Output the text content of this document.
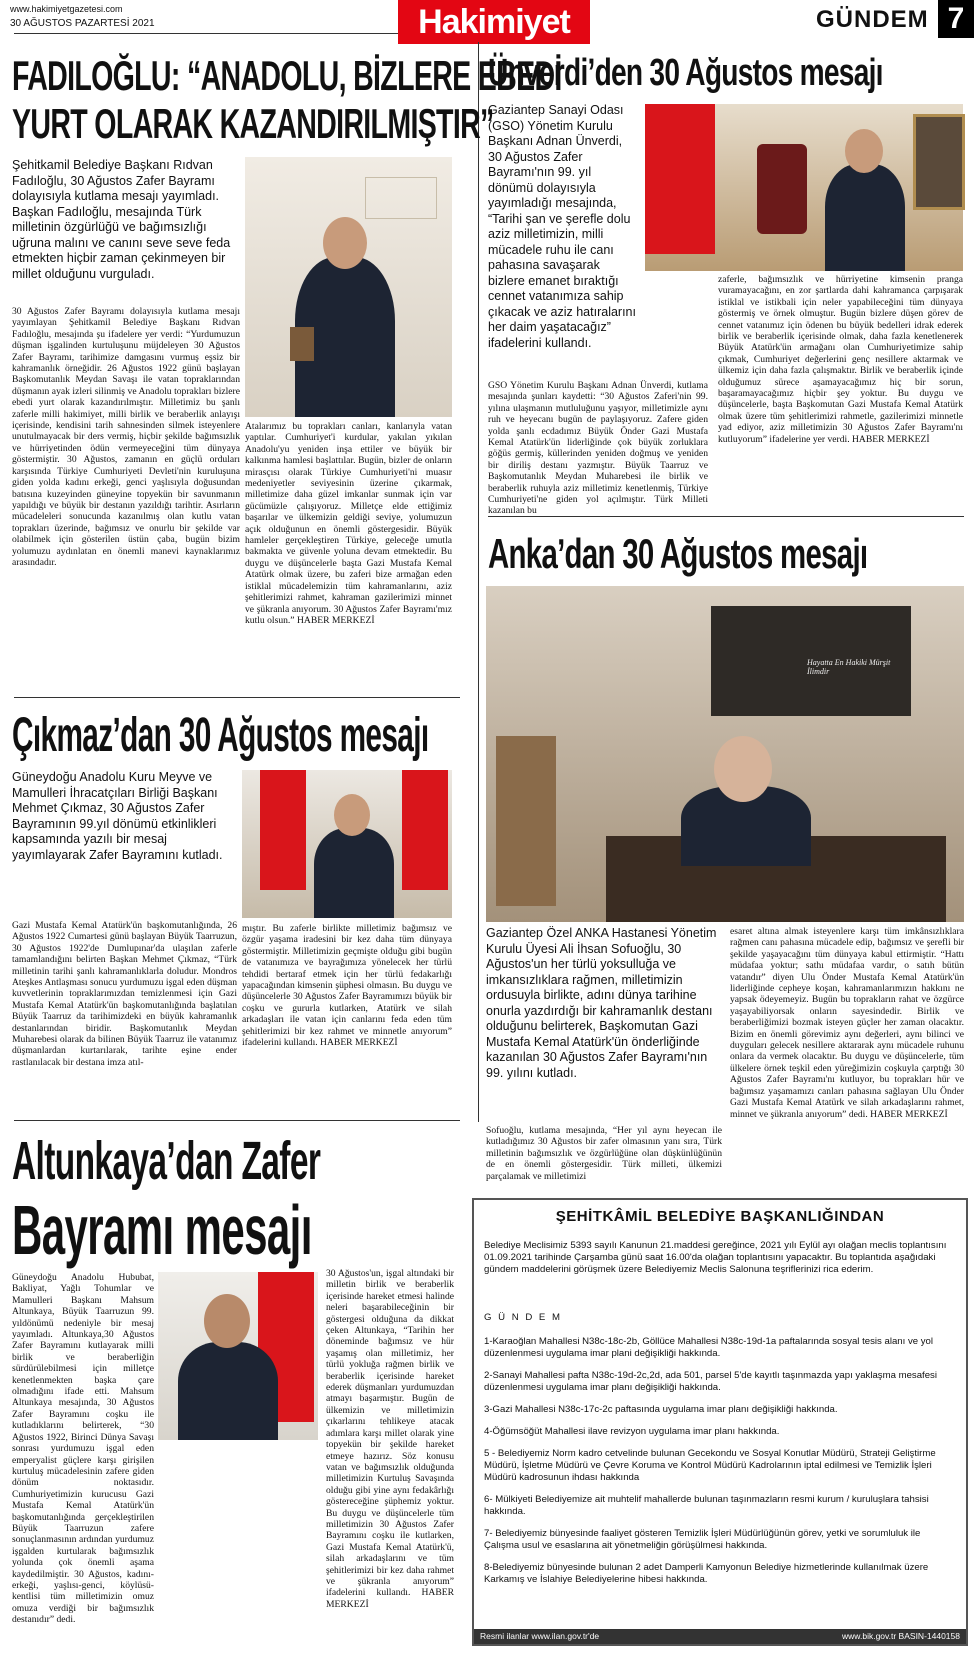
www.hakimiyetgazetesi.com
30 AĞUSTOS PAZARTESİ 2021	Hakimiyet	GÜNDEM 7
FADILOĞLU: “ANADOLU, BİZLERE EBEDİ
YURT OLARAK KAZANDIRILMIŞTIR”
Şehitkamil Belediye Başkanı Rıdvan Fadıloğlu, 30 Ağustos Zafer Bayramı dolayısıyla kutlama mesajı yayımladı. Başkan Fadıloğlu, mesajında Türk milletinin özgürlüğü ve bağımsızlığı uğruna malını ve canını seve seve feda etmekten hiçbir zaman çekinmeyen bir millet olduğunu vurguladı.
30 Ağustos Zafer Bayramı dolayısıyla kutlama mesajı yayımlayan Şehitkamil Belediye Başkanı Rıdvan Fadıloğlu, mesajında şu ifadelere yer verdi: “Yurdumuzun düşman işgalinden kurtuluşunu müjdeleyen 30 Ağustos Zafer Bayramı, tarihimize damgasını vurmuş eşsiz bir kahramanlık örneğidir. 26 Ağustos 1922 günü başlayan Başkomutanlık Meydan Savaşı ile vatan topraklarından düşmanın ayak izleri silinmiş ve Anadolu toprakları bizlere ebedi yurt olarak kazandırılmıştır. Milletimiz bu şanlı zaferle milli hakimiyet, milli birlik ve beraberlik anlayışı içerisinde, kendisini tarih sahnesinden silmek isteyenlere unutulmayacak bir ders vermiş, hiçbir şekilde bağımsızlık ve hürriyetinden ödün vermeyeceğini tüm dünyaya göstermiştir. 30 Ağustos, zamanın en güçlü orduları karşısında Türkiye Cumhuriyeti Devleti'nin kuruluşuna giden yolda kadını erkeği, genci yaşlısıyla doğusundan batısına kuzeyinden güneyine topyekün bir savunmanın yapıldığı ve büyük bir destanın yazıldığı tarihtir. Asırların mücadeleleri sonucunda kazanılmış olan kutlu vatan toprakları üzerinde, bağımsız ve onurlu bir şekilde var olabilmek için gösterilen üstün çaba, bugün bizim yolumuzu aydınlatan en önemli manevi kaynaklarımız arasındadır.
Atalarımız bu toprakları canları, kanlarıyla vatan yaptılar. Cumhuriyet'i kurdular, yakılan yıkılan Anadolu'yu yeniden inşa ettiler ve büyük bir kalkınma hamlesi başlattılar. Bugün, bizler de onların mirasçısı olarak Türkiye Cumhuriyeti'ni muasır medeniyetler seviyesinin üzerine çıkarmak, milletimize daha güzel imkanlar sunmak için var gücümüzle çalışıyoruz. Milletçe elde ettiğimiz başarılar ve ülkemizin geldiği seviye, yolumuzun açık olduğunun en önemli göstergesidir. Büyük hamleler gerçekleştiren Türkiye, geleceğe umutla bakmakta ve güvenle yoluna devam etmektedir. Bu duygu ve düşüncelerle başta Gazi Mustafa Kemal Atatürk olmak üzere, bu zaferi bize armağan eden istiklal mücadelemizin tüm kahramanlarını, aziz şehitlerimizi rahmet, kahraman gazilerimizi minnet ve şükranla anıyorum. 30 Ağustos Zafer Bayramı'mız kutlu olsun.” HABER MERKEZİ
Ünverdi’den 30 Ağustos mesajı
Gaziantep Sanayi Odası (GSO) Yönetim Kurulu Başkanı Adnan Ünverdi, 30 Ağustos Zafer Bayramı'nın 99. yıl dönümü dolayısıyla yayımladığı mesajında, “Tarihi şan ve şerefle dolu aziz milletimizin, milli mücadele ruhu ile canı pahasına savaşarak bizlere emanet bıraktığı cennet vatanımıza sahip çıkacak ve aziz hatıralarını her daim yaşatacağız” ifadelerini kullandı.
GSO Yönetim Kurulu Başkanı Adnan Ünverdi, kutlama mesajında şunları kaydetti: “30 Ağustos Zaferi'nin 99. yılına ulaşmanın mutluluğunu yaşıyor, milletimizle aynı ruh ve heyecanı bugün de paylaşıyoruz. Zafere giden yolda şanlı ecdadımız Büyük Önder Gazi Mustafa Kemal Atatürk'ün liderliğinde çok büyük zorluklara göğüs germiş, küllerinden yeniden doğmuş ve yeniden bir diriliş destanı yazmıştır. Büyük Taarruz ve Başkomutanlık Meydan Muharebesi ile birlik ve beraberlik ruhuyla aziz milletimiz kenetlenmiş, Türkiye Cumhuriyeti'ne giden yol açılmıştır. Türk Milleti kazanılan bu
zaferle, bağımsızlık ve hürriyetine kimsenin pranga vuramayacağını, en zor şartlarda dahi kahramanca çarpışarak istiklal ve istikbali için neler yapabileceğini tüm dünyaya göstermiş ve örnek olmuştur. Bugün bizlere düşen görev de cennet vatanımız için ödenen bu büyük bedelleri idrak ederek birlik ve beraberlik içerisinde olmak, daha fazla kenetlenerek Büyük Atatürk'ün armağanı olan Cumhuriyetimize sahip çıkmak, Cumhuriyet değerlerini genç nesillere aktarmak ve ülkemiz için daha fazla çalışmaktır. Birlik ve beraberlik içinde olduğumuz sürece aşamayacağımız hiç bir sorun, başaramayacağımız hiçbir şey yoktur. Bu duygu ve düşüncelerle, başta Başkomutan Gazi Mustafa Kemal Atatürk olmak üzere tüm şehitlerimizi rahmetle, gazilerimizi minnetle yad ediyor, aziz milletimizin 30 Ağustos Zafer Bayramı'nı kutluyorum” ifadelerine yer verdi. HABER MERKEZİ
Çıkmaz’dan 30 Ağustos mesajı
Güneydoğu Anadolu Kuru Meyve ve Mamulleri İhracatçıları Birliği Başkanı Mehmet Çıkmaz, 30 Ağustos Zafer Bayramının 99.yıl dönümü etkinlikleri kapsamında yazılı bir mesaj yayımlayarak Zafer Bayramını kutladı.
Gazi Mustafa Kemal Atatürk'ün başkomutanlığında, 26 Ağustos 1922 Cumartesi günü başlayan Büyük Taarruzun, 30 Ağustos 1922'de Dumlupınar'da ulaşılan zaferle tamamlandığını belirten Başkan Mehmet Çıkmaz, “Türk milletinin tarihi şanlı kahramanlıklarla doludur. Mondros Ateşkes Antlaşması sonucu yurdumuzu işgal eden düşman kuvvetlerinin topraklarımızdan temizlenmesi için Gazi Mustafa Kemal Atatürk'ün başkomutanlığında başlatılan Büyük Taarruz da tarihimizdeki en büyük kahramanlık destanlarından biridir. Başkomutanlık Meydan Muharebesi olarak da bilinen Büyük Taarruz ile vatanımız düşmanlardan kurtarılarak, tarihte eşine ender rastlanılacak bir destana imza atıl-
mıştır. Bu zaferle birlikte milletimiz bağımsız ve özgür yaşama iradesini bir kez daha tüm dünyaya göstermiştir. Milletimizin geçmişte olduğu gibi bugün de vatanımıza ve bayrağımıza yönelecek her türlü tehdidi bertaraf etmek için her türlü fedakarlığı yapacağından kimsenin şüphesi olmasın. Bu duygu ve düşüncelerle 30 Ağustos Zafer Bayramımızı büyük bir coşku ve gururla kutlarken, Atatürk ve silah arkadaşları ile vatan için canlarını feda eden tüm şehitlerimizi bir kez rahmet ve minnetle anıyorum” ifadelerini kullandı. HABER MERKEZİ
Anka’dan 30 Ağustos mesajı
Hayatta En Hakiki Mürşit İlimdir
Gaziantep Özel ANKA Hastanesi Yönetim Kurulu Üyesi Ali İhsan Sofuoğlu, 30 Ağustos'un her türlü yoksulluğa ve imkansızlıklara rağmen, milletimizin ordusuyla birlikte, adını dünya tarihine onurla yazdırdığı bir kahramanlık destanı olduğunu belirterek, Başkomutan Gazi Mustafa Kemal Atatürk'ün önderliğinde kazanılan 30 Ağustos Zafer Bayramı'nın 99. yılını kutladı.
Sofuoğlu, kutlama mesajında, “Her yıl aynı heyecan ile kutladığımız 30 Ağustos bir zafer olmasının yanı sıra, Türk milletinin bağımsızlık ve özgürlüğüne olan düşkünlüğünün de en önemli göstergesidir. Türk milleti, ülkemizi parçalamak ve milletimizi
esaret altına almak isteyenlere karşı tüm imkânsızlıklara rağmen canı pahasına mücadele edip, bağımsız ve şerefli bir şekilde yaşayacağını tüm dünyaya kabul ettirmiştir. “Hattı müdafaa yoktur; sathı müdafaa vardır, o satıh bütün vatandır” diyen Ulu Önder Mustafa Kemal Atatürk'ün liderliğinde cepheye koşan, kahramanlarımızın hakkını ne yapsak ödeyemeyiz. Bugün bu toprakların rahat ve özgürce yaşayabiliyorsak onların sayesindedir. Birlik ve beraberliğimizi bozmak isteyen güçler her zaman olacaktır. Bizim en önemli görevimiz aynı değerleri, aynı bilinci ve duyguları gelecek nesillere aktararak aynı mücadele ruhunu onlara da vermek olacaktır. Bu duygu ve düşüncelerle, tüm ülkelere örnek teşkil eden yüreğimizin coşkuyla çarptığı 30 Ağustos Zafer Bayramı'nı kutluyor, bu toprakları hür ve bağımsız yaşamamızı canları pahasına sağlayan Ulu Önder Gazi Mustafa Kemal Atatürk ve silah arkadaşlarını rahmet, minnet ve şükranla anıyorum” dedi. HABER MERKEZİ
Altunkaya’dan Zafer
Bayramı mesajı
Güneydoğu Anadolu Hububat, Bakliyat, Yağlı Tohumlar ve Mamulleri Başkanı Mahsum Altunkaya, Büyük Taarruzun 99. yıldönümü nedeniyle bir mesaj yayımladı. Altunkaya,30 Ağustos Zafer Bayramını kutlayarak milli birlik ve beraberliğin sürdürülebilmesi için milletçe kenetlenmekten başka çare olmadığını ifade etti. Mahsum Altunkaya mesajında, 30 Ağustos Zafer Bayramını coşku ile kutladıklarını belirterek, “30 Ağustos 1922, Birinci Dünya Savaşı sonrası yurdumuzu işgal eden emperyalist güçlere karşı girişilen kurtuluş mücadelesinin zafere giden dönüm noktasıdır. Cumhuriyetimizin kurucusu Gazi Mustafa Kemal Atatürk'ün başkomutanlığında gerçekleştirilen Büyük Taarruzun zafere sonuçlanmasının ardından yurdumuz işgalden kurtularak bağımsızlık yolunda çok önemli aşama kaydedilmiştir. 30 Ağustos, kadını-erkeği, yaşlısı-genci, köylüsü-kentlisi tüm milletimizin omuz omuza verdiği bir bağımsızlık destanıdır” dedi.
30 Ağustos'un, işgal altındaki bir milletin birlik ve beraberlik içerisinde hareket etmesi halinde neleri başarabileceğinin bir göstergesi olduğuna da dikkat çeken Altunkaya, “Tarihin her döneminde bağımsız ve hür yaşamış olan milletimiz, her türlü yokluğa rağmen birlik ve beraberlik içerisinde hareket ederek düşmanları yurdumuzdan atmayı başarmıştır. Bugün de ülkemizin ve milletimizin çıkarlarını tehlikeye atacak adımlara karşı millet olarak yine topyekün bir şekilde hareket etmeye hazırız. Söz konusu vatan ve bağımsızlık olduğunda milletimizin Kurtuluş Savaşında olduğu gibi yine aynı fedakârlığı göstereceğine şüphemiz yoktur. Bu duygu ve düşüncelerle tüm milletimizin 30 Ağustos Zafer Bayramını coşku ile kutlarken, Gazi Mustafa Kemal Atatürk'ü, silah arkadaşlarını ve tüm şehitlerimizi bir kez daha rahmet ve şükranla anıyorum” ifadelerini kullandı. HABER MERKEZİ
ŞEHİTKÂMİL BELEDİYE BAŞKANLIĞINDAN
Belediye Meclisimiz 5393 sayılı Kanunun 21.maddesi gereğince, 2021 yılı Eylül ayı olağan meclis toplantısını 01.09.2021 tarihinde Çarşamba günü saat 16.00'da olağan toplantısını yapacaktır. Bu toplantıda aşağıdaki gündem maddelerini görüşmek üzere Belediyemiz Meclis Salonuna teşriflerinizi rica ederim.
G Ü N D E M
1-Karaoğlan Mahallesi N38c-18c-2b, Göllüce Mahallesi N38c-19d-1a paftalarında sosyal tesis alanı ve yol düzenlenmesi uygulama imar plani değişikliği hakkında.
2-Sanayi Mahallesi pafta N38c-19d-2c,2d, ada 501, parsel 5'de kayıtlı taşınmazda yapı yaklaşma mesafesi düzenlenmesi uygulama imar planı değişikliği hakkında.
3-Gazi Mahallesi N38c-17c-2c paftasında uygulama imar planı değişikliği hakkında.
4-Öğümsöğüt Mahallesi ilave revizyon uygulama imar planı hakkında.
5 - Belediyemiz Norm kadro cetvelinde bulunan Gecekondu ve Sosyal Konutlar Müdürü, Strateji Geliştirme Müdürü, İşletme Müdürü ve Çevre Koruma ve Kontrol Müdürü Kadrolarının iptal edilmesi ve Temizlik İşleri Müdürü kadrosunun ihdası hakkında
6- Mülkiyeti Belediyemize ait muhtelif mahallerde bulunan taşınmazların resmi kurum / kuruluşlara tahsisi hakkında.
7- Belediyemiz bünyesinde faaliyet gösteren Temizlik İşleri Müdürlüğünün görev, yetki ve sorumluluk ile Çalışma usul ve esaslarına ait yönetmeliğin görüşülmesi hakkında.
8-Belediyemiz bünyesinde bulunan 2 adet Damperli Kamyonun Belediye hizmetlerinde kullanılmak üzere Karkamış ve İslahiye Belediyelerine hibesi hakkında.
Resmi ilanlar www.ilan.gov.tr'de	www.bik.gov.tr BASIN-1440158
